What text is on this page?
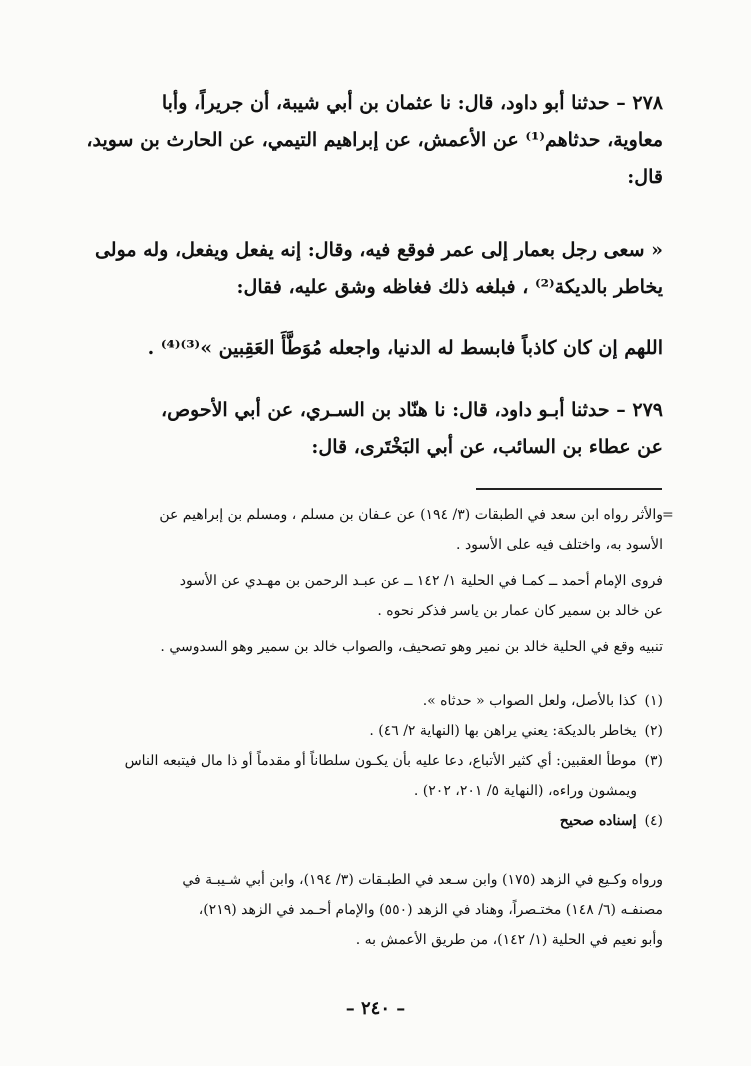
٢٧٨ – حدثنا أبو داود، قال: نا عثمان بن أبي شيبة، أن جريراً، وأبا

معاوية، حدثاهم⁽¹⁾ عن الأعمش، عن إبراهيم التيمي، عن الحارث بن سويد،

قال:

« سعى رجل بعمار إلى عمر فوقع فيه، وقال: إنه يفعل ويفعل، وله مولى

يخاطر بالديكة⁽²⁾ ، فبلغه ذلك فغاظه وشق عليه، فقال:

اللهم إن كان كاذباً فابسط له الدنيا، واجعله مُوَطَّأَ العَقِبين »⁽³⁾⁽⁴⁾ .

٢٧٩ – حدثنا أبـو داود، قال: نا هنّاد بن السـري، عن أبي الأحوص،

عن عطاء بن السائب، عن أبي البَخْتَرى، قال:

=

والأثر رواه ابن سعد في الطبقات (٣/ ١٩٤) عن عـفان بن مسلم ، ومسلم بن إبراهيم عن

الأسود به، واختلف فيه على الأسود .

فروى الإمام أحمد ــ كمـا في الحلية ١/ ١٤٢ ــ عن عبـد الرحمن بن مهـدي عن الأسود

عن خالد بن سمير كان عمار بن ياسر فذكر نحوه .

تنبيه وقع في الحلية خالد بن نمير وهو تصحيف، والصواب خالد بن سمير وهو السدوسي .

(١)كذا بالأصل، ولعل الصواب « حدثاه ».

(٢)يخاطر بالديكة: يعني يراهن بها (النهاية ٢/ ٤٦) .

(٣)موطأ العقبين: أي كثير الأتباع، دعا عليه بأن يكـون سلطاناً أو مقدماً أو ذا مال فيتبعه الناس

ويمشون وراءه، (النهاية ٥/ ٢٠١، ٢٠٢) .

(٤)إسناده صحيح

ورواه وكـيع في الزهد (١٧٥) وابن سـعد في الطبـقات (٣/ ١٩٤)، وابن أبي شـيبـة في

مصنفـه (٦/ ١٤٨) مختـصراً، وهناد في الزهد (٥٥٠) والإمام أحـمد في الزهد (٢١٩)،

وأبو نعيم في الحلية (١/ ١٤٢)، من طريق الأعمش به .

– ٢٤٠ –
